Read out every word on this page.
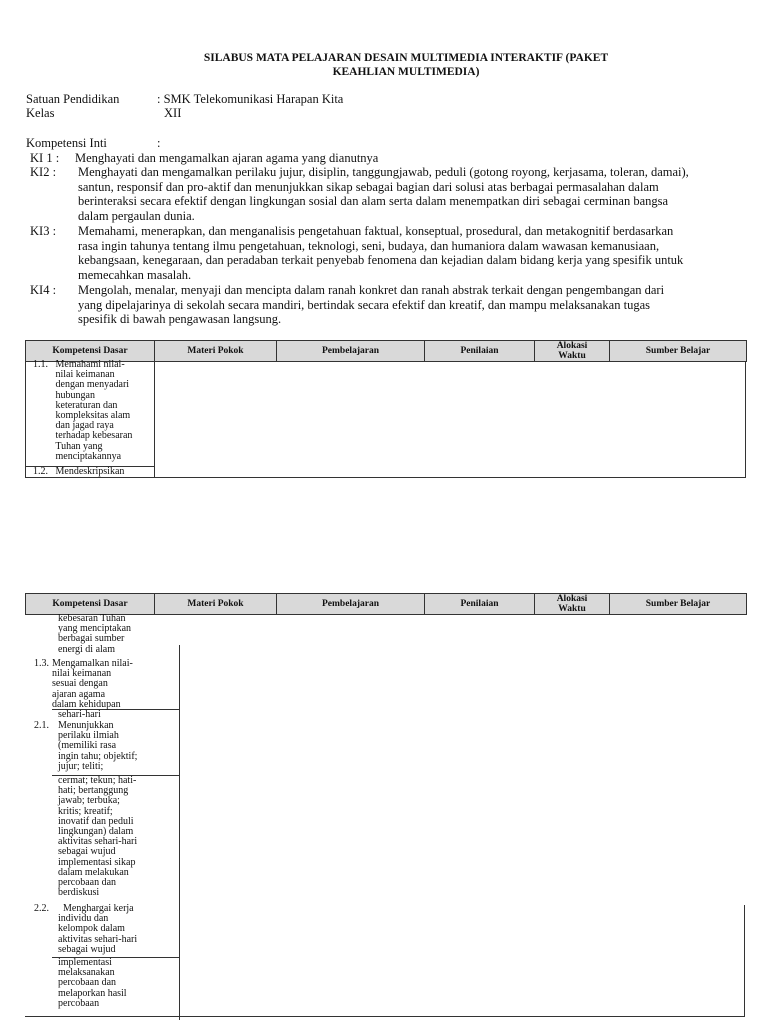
SILABUS MATA PELAJARAN DESAIN MULTIMEDIA INTERAKTIF (PAKET
KEAHLIAN MULTIMEDIA)
Satuan Pendidikan	: SMK Telekomunikasi Harapan Kita
Kelas	XII
Kompetensi Inti	:
KI 1 : Menghayati dan mengamalkan ajaran agama yang dianutnya
KI2 : Menghayati dan mengamalkan perilaku jujur, disiplin, tanggungjawab, peduli (gotong royong, kerjasama, toleran, damai),
santun, responsif dan pro-aktif dan menunjukkan sikap sebagai bagian dari solusi atas berbagai permasalahan dalam
berinteraksi secara efektif dengan lingkungan sosial dan alam serta dalam menempatkan diri sebagai cerminan bangsa
dalam pergaulan dunia.
KI3 : Memahami, menerapkan, dan menganalisis pengetahuan faktual, konseptual, prosedural, dan metakognitif berdasarkan
rasa ingin tahunya tentang ilmu pengetahuan, teknologi, seni, budaya, dan humaniora dalam wawasan kemanusiaan,
kebangsaan, kenegaraan, dan peradaban terkait penyebab fenomena dan kejadian dalam bidang kerja yang spesifik untuk
memecahkan masalah.
KI4 : Mengolah, menalar, menyaji dan mencipta dalam ranah konkret dan ranah abstrak terkait dengan pengembangan dari
yang dipelajarinya di sekolah secara mandiri, bertindak secara efektif dan kreatif, dan mampu melaksanakan tugas
spesifik di bawah pengawasan langsung.
Kompetensi Dasar	Materi Pokok	Pembelajaran	Penilaian	Alokasi Waktu	Sumber Belajar
1.1.   Memahami nilai-
nilai keimanan
dengan menyadari
hubungan
keteraturan dan
kompleksitas alam
dan jagad raya
terhadap kebesaran
Tuhan yang
menciptakannya
1.2.   Mendeskripsikan
Kompetensi Dasar	Materi Pokok	Pembelajaran	Penilaian	Alokasi Waktu	Sumber Belajar
kebesaran Tuhan
yang menciptakan
berbagai sumber
energi di alam
1.3. Mengamalkan nilai-
nilai keimanan
sesuai dengan
ajaran agama
dalam kehidupan
sehari-hari
2.1. Menunjukkan
perilaku ilmiah
(memiliki rasa
ingin tahu; objektif;
jujur; teliti;
cermat; tekun; hati-
hati; bertanggung
jawab; terbuka;
kritis; kreatif;
inovatif dan peduli
lingkungan) dalam
aktivitas sehari-hari
sebagai wujud
implementasi sikap
dalam melakukan
percobaan dan
berdiskusi
2.2.	Menghargai kerja
individu dan
kelompok dalam
aktivitas sehari-hari
sebagai wujud
implementasi
melaksanakan
percobaan dan
melaporkan hasil
percobaan
